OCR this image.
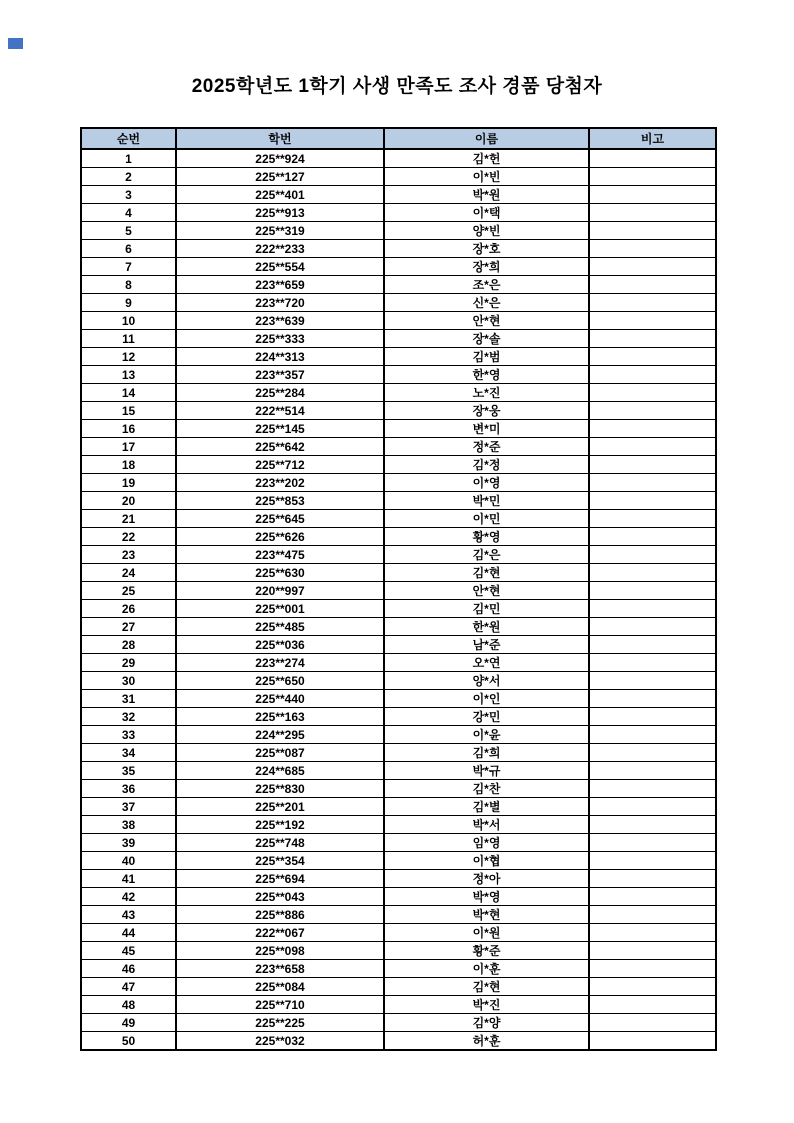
2025학년도 1학기 사생 만족도 조사 경품 당첨자
순번	학번	이름	비고
1	225**924	김*헌	
2	225**127	이*빈	
3	225**401	박*원	
4	225**913	이*택	
5	225**319	양*빈	
6	222**233	장*호	
7	225**554	장*희	
8	223**659	조*은	
9	223**720	신*은	
10	223**639	안*현	
11	225**333	장*솔	
12	224**313	김*범	
13	223**357	한*영	
14	225**284	노*진	
15	222**514	장*웅	
16	225**145	변*미	
17	225**642	정*준	
18	225**712	김*정	
19	223**202	이*영	
20	225**853	박*민	
21	225**645	이*민	
22	225**626	황*영	
23	223**475	김*은	
24	225**630	김*현	
25	220**997	안*현	
26	225**001	김*민	
27	225**485	한*원	
28	225**036	남*준	
29	223**274	오*연	
30	225**650	양*서	
31	225**440	이*인	
32	225**163	강*민	
33	224**295	이*윤	
34	225**087	김*희	
35	224**685	박*규	
36	225**830	김*찬	
37	225**201	김*별	
38	225**192	박*서	
39	225**748	임*영	
40	225**354	이*협	
41	225**694	정*아	
42	225**043	박*영	
43	225**886	박*현	
44	222**067	이*원	
45	225**098	황*준	
46	223**658	이*훈	
47	225**084	김*현	
48	225**710	박*진	
49	225**225	김*양	
50	225**032	허*훈	
